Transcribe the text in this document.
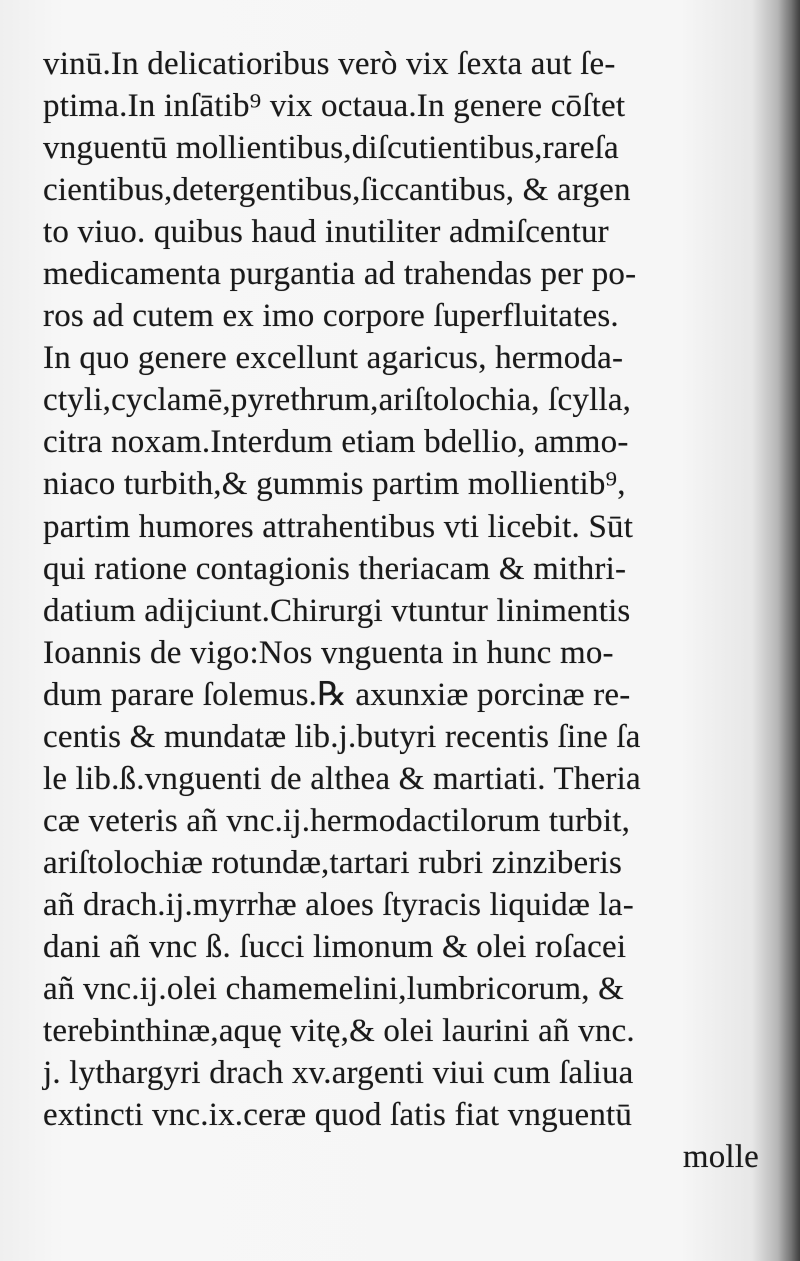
vinū.In delicatioribus verò vix ſexta aut ſe-
ptima.In inſātib⁹ vix octaua.In genere cōſtet
vnguentū mollientibus,diſcutientibus,rareſa
cientibus,detergentibus,ſiccantibus, & argen
to viuo. quibus haud inutiliter admiſcentur
medicamenta purgantia ad trahendas per po-
ros ad cutem ex imo corpore ſuperfluitates.
In quo genere excellunt agaricus, hermoda-
ctyli,cyclamē,pyrethrum,ariſtolochia, ſcylla,
citra noxam.Interdum etiam bdellio, ammo-
niaco turbith,& gummis partim mollientib⁹,
partim humores attrahentibus vti licebit. Sūt
qui ratione contagionis theriacam & mithri-
datium adijciunt.Chirurgi vtuntur linimentis
Ioannis de vigo:Nos vnguenta in hunc mo-
dum parare ſolemus.℞ axunxiæ porcinæ re-
centis & mundatæ lib.j.butyri recentis ſine ſa
le lib.ß.vnguenti de althea & martiati. Theria
cæ veteris añ vnc.ij.hermodactilorum turbit,
ariſtolochiæ rotundæ,tartari rubri zinziberis
añ drach.ij.myrrhæ aloes ſtyracis liquidæ la-
dani añ vnc ß. ſucci limonum & olei roſacei
añ vnc.ij.olei chamemelini,lumbricorum, &
terebinthinæ,aquę vitę,& olei laurini añ vnc.
j. lythargyri drach xv.argenti viui cum ſaliua
extincti vnc.ix.ceræ quod ſatis fiat vnguentū
molle
